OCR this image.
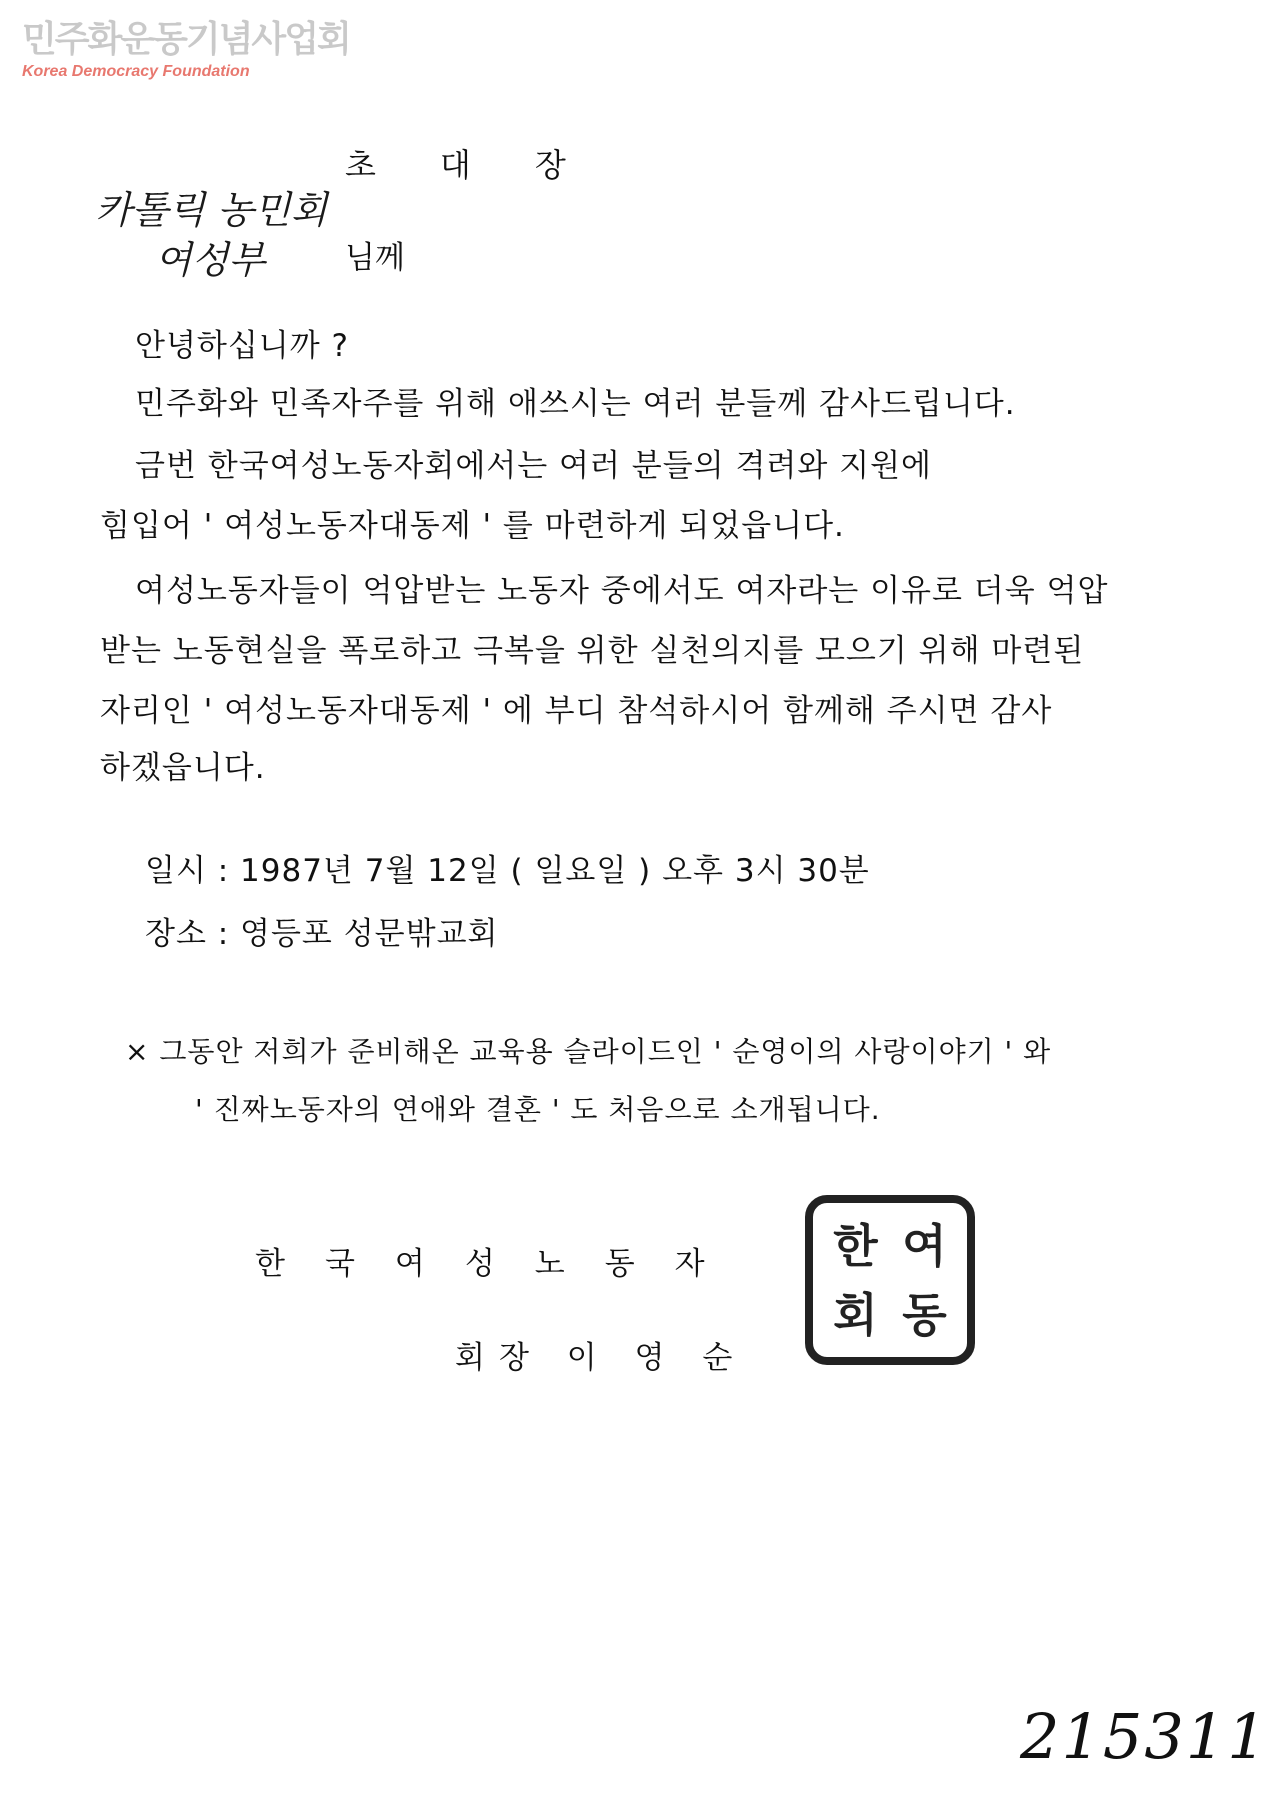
민주화운동기념사업회
Korea Democracy Foundation
초대장
카톨릭 농민회
여성부	님께
안녕하십니까 ?
민주화와 민족자주를 위해 애쓰시는 여러 분들께 감사드립니다.
금번 한국여성노동자회에서는 여러 분들의 격려와 지원에
힘입어 ' 여성노동자대동제 ' 를 마련하게 되었읍니다.
여성노동자들이 억압받는 노동자 중에서도 여자라는 이유로 더욱 억압
받는 노동현실을 폭로하고 극복을 위한 실천의지를 모으기 위해 마련된
자리인 ' 여성노동자대동제 ' 에 부디 참석하시어 함께해 주시면 감사
하겠읍니다.
일시 : 1987년 7월 12일 ( 일요일 ) 오후 3시 30분
장소 : 영등포 성문밖교회
× 그동안 저희가 준비해온 교육용 슬라이드인 ' 순영이의 사랑이야기 ' 와
' 진짜노동자의 연애와 결혼 ' 도 처음으로 소개됩니다.
한국여성노동자
회장 이 영 순
한 여
회 동
215311
